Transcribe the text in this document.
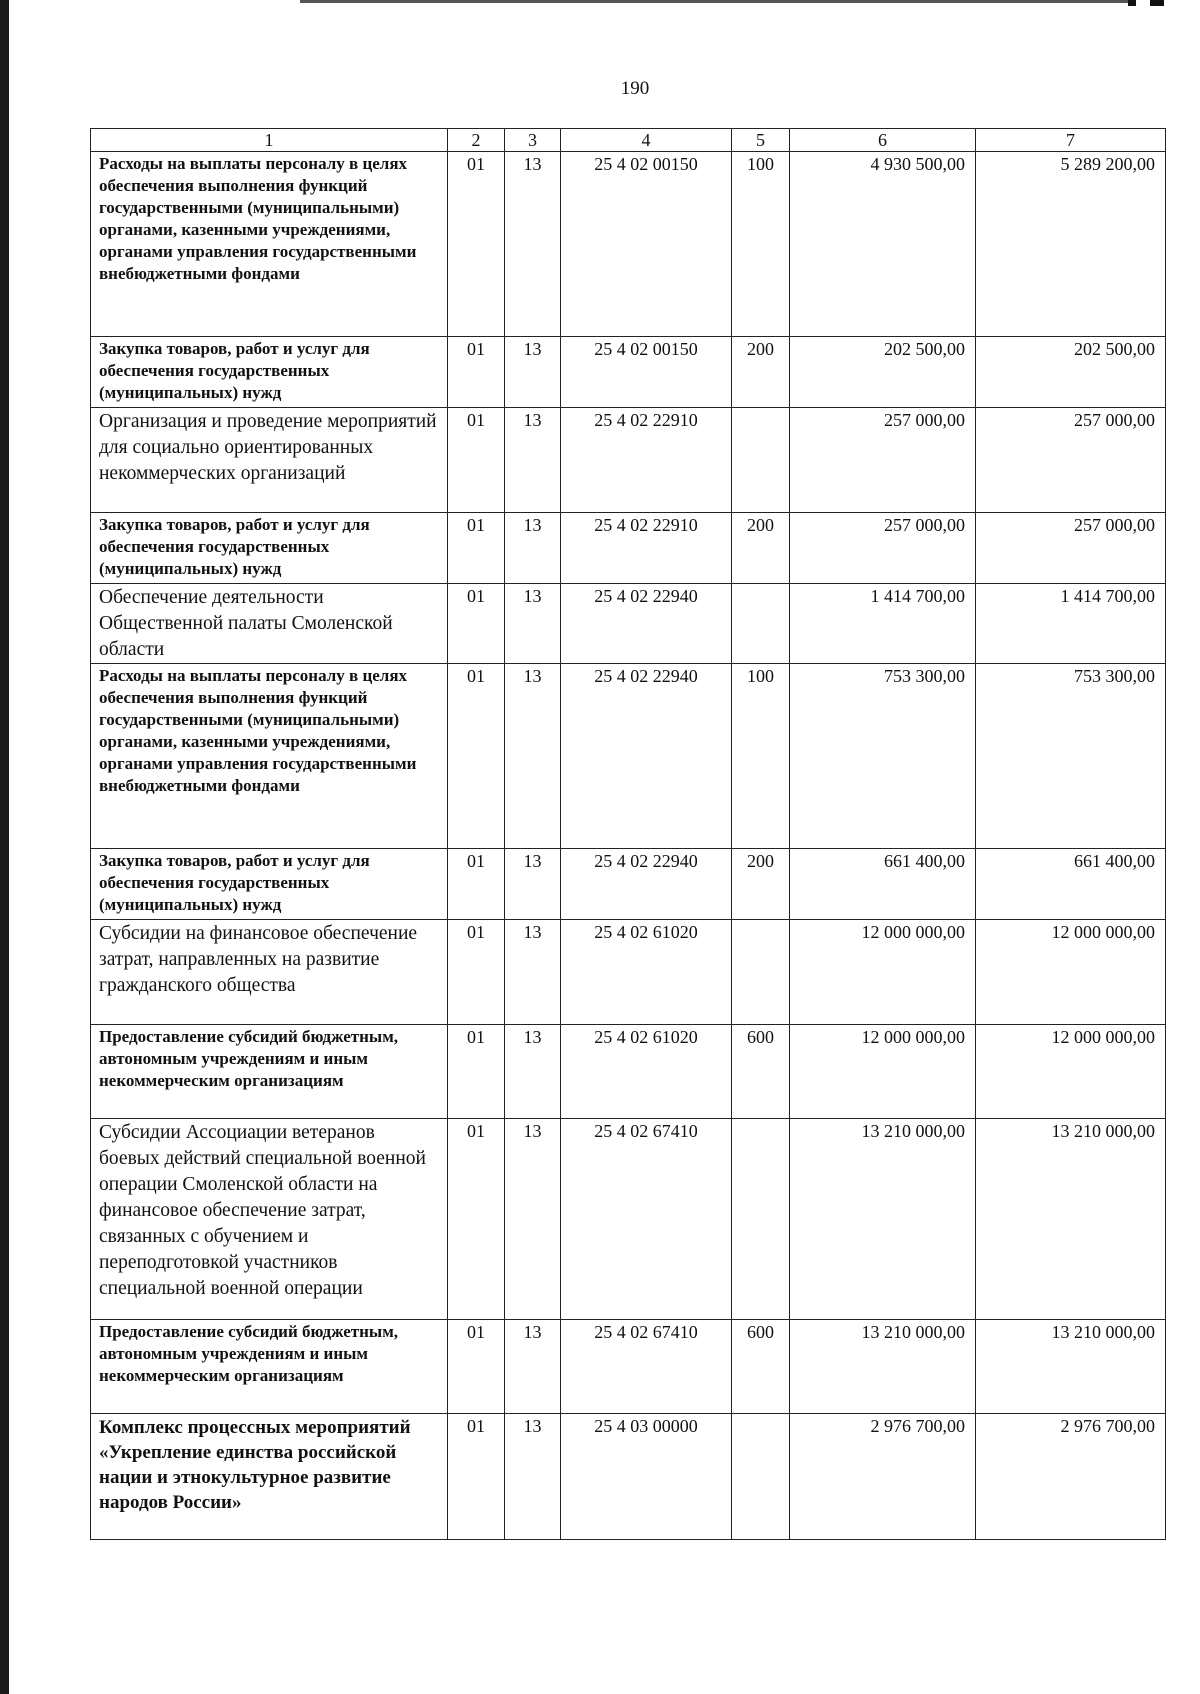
190
1	2	3	4	5	6	7
Расходы на выплаты персоналу в целях обеспечения выполнения функций государственными (муниципальными) органами, казенными учреждениями, органами управления государственными внебюджетными фондами	01	13	25 4 02 00150	100	4 930 500,00	5 289 200,00
Закупка товаров, работ и услуг для обеспечения государственных (муниципальных) нужд	01	13	25 4 02 00150	200	202 500,00	202 500,00
Организация и проведение мероприятий для социально ориентированных некоммерческих организаций	01	13	25 4 02 22910		257 000,00	257 000,00
Закупка товаров, работ и услуг для обеспечения государственных (муниципальных) нужд	01	13	25 4 02 22910	200	257 000,00	257 000,00
Обеспечение деятельности Общественной палаты Смоленской области	01	13	25 4 02 22940		1 414 700,00	1 414 700,00
Расходы на выплаты персоналу в целях обеспечения выполнения функций государственными (муниципальными) органами, казенными учреждениями, органами управления государственными внебюджетными фондами	01	13	25 4 02 22940	100	753 300,00	753 300,00
Закупка товаров, работ и услуг для обеспечения государственных (муниципальных) нужд	01	13	25 4 02 22940	200	661 400,00	661 400,00
Субсидии на финансовое обеспечение затрат, направленных на развитие гражданского общества	01	13	25 4 02 61020		12 000 000,00	12 000 000,00
Предоставление субсидий бюджетным, автономным учреждениям и иным некоммерческим организациям	01	13	25 4 02 61020	600	12 000 000,00	12 000 000,00
Субсидии Ассоциации ветеранов боевых действий специальной военной операции Смоленской области на финансовое обеспечение затрат, связанных с обучением и переподготовкой участников специальной военной операции	01	13	25 4 02 67410		13 210 000,00	13 210 000,00
Предоставление субсидий бюджетным, автономным учреждениям и иным некоммерческим организациям	01	13	25 4 02 67410	600	13 210 000,00	13 210 000,00
Комплекс процессных мероприятий «Укрепление единства российской нации и этнокультурное развитие народов России»	01	13	25 4 03 00000		2 976 700,00	2 976 700,00
